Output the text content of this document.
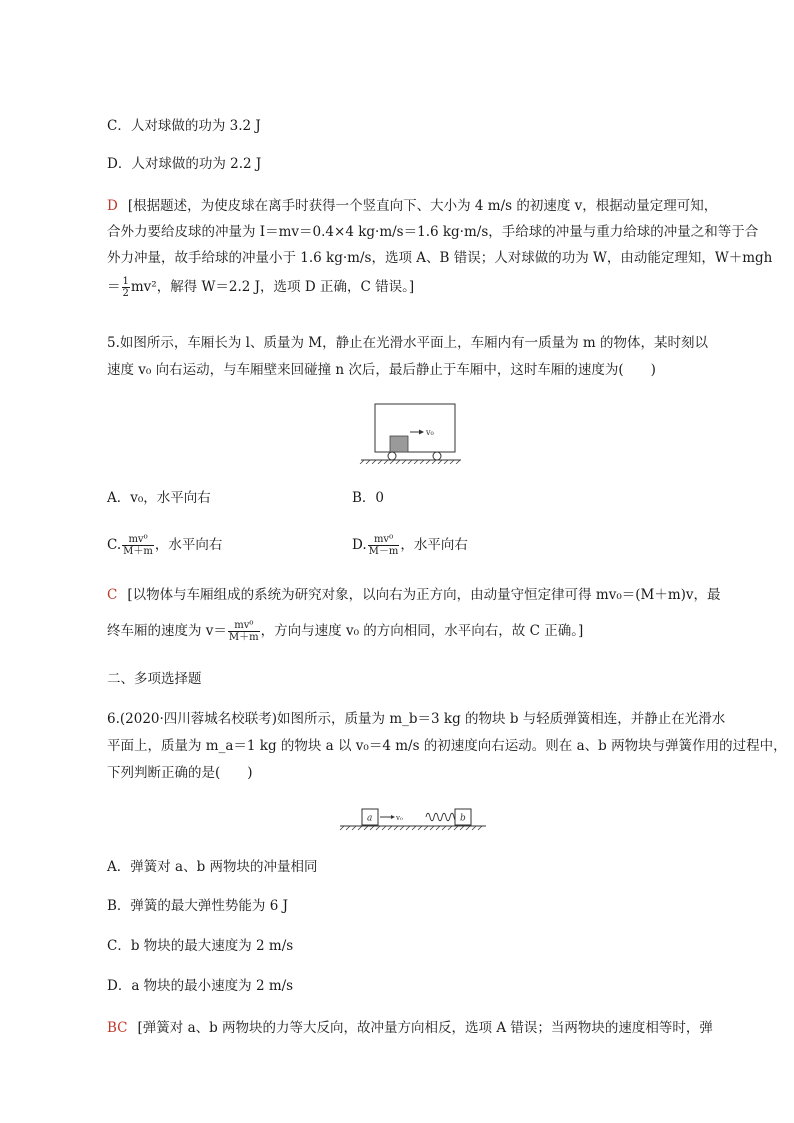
C．人对球做的功为 3.2 J
D．人对球做的功为 2.2 J
D [根据题述，为使皮球在离手时获得一个竖直向下、大小为 4 m/s 的初速度 v，根据动量定理可知，
合外力要给皮球的冲量为 I＝mv＝0.4×4 kg·m/s＝1.6 kg·m/s，手给球的冲量与重力给球的冲量之和等于合
外力冲量，故手给球的冲量小于 1.6 kg·m/s，选项 A、B 错误；人对球做的功为 W，由动能定理知，W＋mgh
＝ $\frac{1}{2} mv^2$，解得 W＝2.2 J，选项 D 正确，C 错误。]
5.如图所示，车厢长为 l、质量为 M，静止在光滑水平面上，车厢内有一质量为 m 的物体，某时刻以
速度 v₀ 向右运动，与车厢壁来回碰撞 n 次后，最后静止于车厢中，这时车厢的速度为(　　)
v₀
A．v₀，水平向右	B．0
C. $\frac{\text{mv⁰}}{M+m}$ ，水平向右	D. $\frac{\text{mv⁰}}{M-m}$ ，水平向右
C [以物体与车厢组成的系统为研究对象，以向右为正方向，由动量守恒定律可得 mv₀＝(M＋m)v，最
终车厢的速度为 $v= \frac{\text{mv⁰}}{M+m}$ ，方向与速度 v₀ 的方向相同，水平向右，故 C 正确。]
二、多项选择题
6.(2020·四川蓉城名校联考)如图所示，质量为 m_b＝3 kg 的物块 b 与轻质弹簧相连，并静止在光滑水
平面上，质量为 m_a＝1 kg 的物块 a 以 v₀＝4 m/s 的初速度向右运动。则在 a、b 两物块与弹簧作用的过程中，
下列判断正确的是(　　)
a	v₀	b
A．弹簧对 a、b 两物块的冲量相同
B．弹簧的最大弹性势能为 6 J
C．b 物块的最大速度为 2 m/s
D．a 物块的最小速度为 2 m/s
BC [弹簧对 a、b 两物块的力等大反向，故冲量方向相反，选项 A 错误；当两物块的速度相等时，弹
